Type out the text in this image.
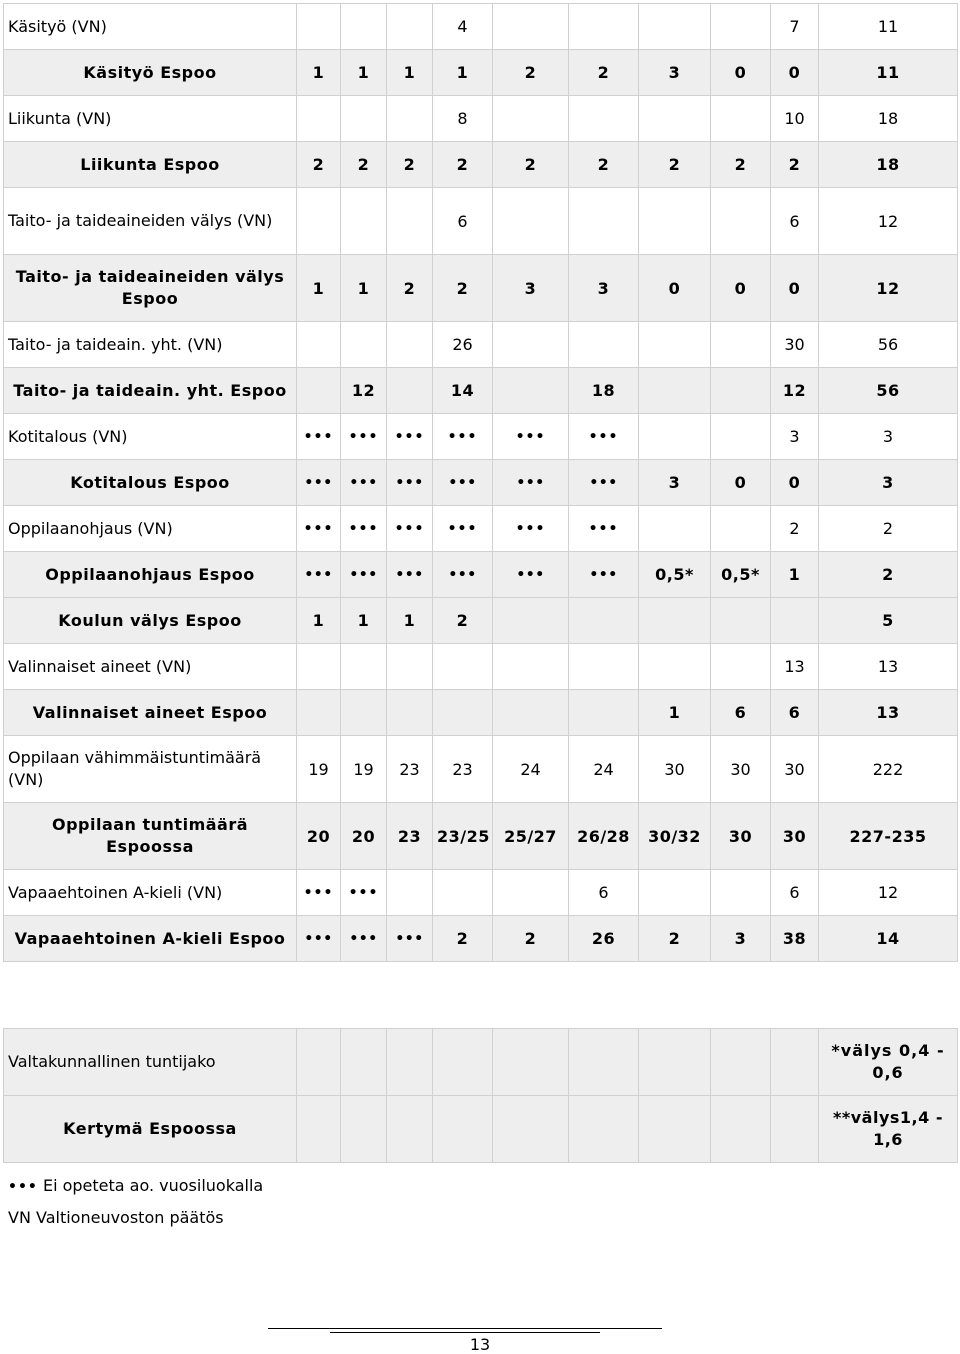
Käsityö (VN)				4					7	11
Käsityö Espoo	1	1	1	1	2	2	3	0	0	11
Liikunta (VN)				8					10	18
Liikunta Espoo	2	2	2	2	2	2	2	2	2	18
Taito- ja taideaineiden välys (VN)				6					6	12
Taito- ja taideaineiden välys Espoo	1	1	2	2	3	3	0	0	0	12
Taito- ja taideain. yht. (VN)				26					30	56
Taito- ja taideain. yht. Espoo		12		14		18			12	56
Kotitalous (VN)	•••	•••	•••	•••	•••	•••			3	3
Kotitalous Espoo	•••	•••	•••	•••	•••	•••	3	0	0	3
Oppilaanohjaus (VN)	•••	•••	•••	•••	•••	•••			2	2
Oppilaanohjaus Espoo	•••	•••	•••	•••	•••	•••	0,5*	0,5*	1	2
Koulun välys Espoo	1	1	1	2						5
Valinnaiset aineet (VN)									13	13
Valinnaiset aineet Espoo							1	6	6	13
Oppilaan vähimmäistuntimäärä (VN)	19	19	23	23	24	24	30	30	30	222
Oppilaan tuntimäärä Espoossa	20	20	23	23/25	25/27	26/28	30/32	30	30	227-235
Vapaaehtoinen A-kieli (VN)	•••	•••				6			6	12
Vapaaehtoinen A-kieli Espoo	•••	•••	•••	2	2	26	2	3	38	14

Valtakunnallinen tuntijako										*välys 0,4 - 0,6
Kertymä Espoossa										**välys1,4 - 1,6
••• Ei opeteta ao. vuosiluokalla
VN Valtioneuvoston päätös
13
